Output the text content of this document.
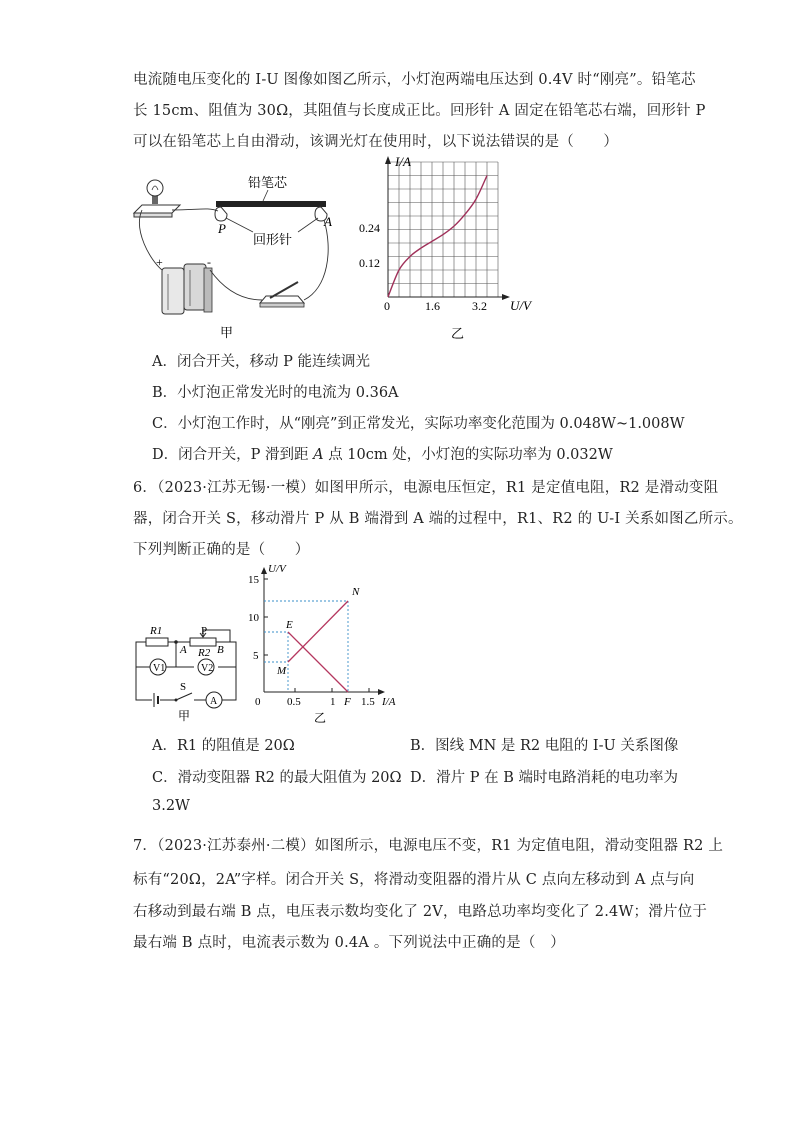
电流随电压变化的 I-U 图像如图乙所示，小灯泡两端电压达到 0.4V 时“刚亮”。铅笔芯
长 15cm、阻值为 30Ω，其阻值与长度成正比。回形针 A 固定在铅笔芯右端，回形针 P
可以在铅笔芯上自由滑动，该调光灯在使用时，以下说法错误的是（　　）
铅笔芯
P	A
回形针
+	-
甲
I/A
U/V
0.24
0.12
0	1.6	3.2
乙
A．闭合开关，移动 P 能连续调光
B．小灯泡正常发光时的电流为 0.36A
C．小灯泡工作时，从“刚亮”到正常发光，实际功率变化范围为 0.048W~1.008W
D．闭合开关，P 滑到距 A 点 10cm 处，小灯泡的实际功率为 0.032W
6．（2023·江苏无锡·一模）如图甲所示，电源电压恒定，R1 是定值电阻，R2 是滑动变阻
器，闭合开关 S，移动滑片 P 从 B 端滑到 A 端的过程中，R1、R2 的 U-I 关系如图乙所示。
下列判断正确的是（　　）
R1	P
A R2 B
V1	V2
S
A
甲
U/V
I/A
15
10
5
0 0.5	1 1.5
E
M
N
F
乙
A．R1 的阻值是 20Ω	B．图线 MN 是 R2 电阻的 I-U 关系图像
C．滑动变阻器 R2 的最大阻值为 20Ω D．滑片 P 在 B 端时电路消耗的电功率为
3.2W
7．（2023·江苏泰州·二模）如图所示，电源电压不变，R1 为定值电阻，滑动变阻器 R2 上
标有“20Ω，2A”字样。闭合开关 S，将滑动变阻器的滑片从 C 点向左移动到 A 点与向
右移动到最右端 B 点，电压表示数均变化了 2V，电路总功率均变化了 2.4W；滑片位于
最右端 B 点时，电流表示数为 0.4A 。下列说法中正确的是（　）
